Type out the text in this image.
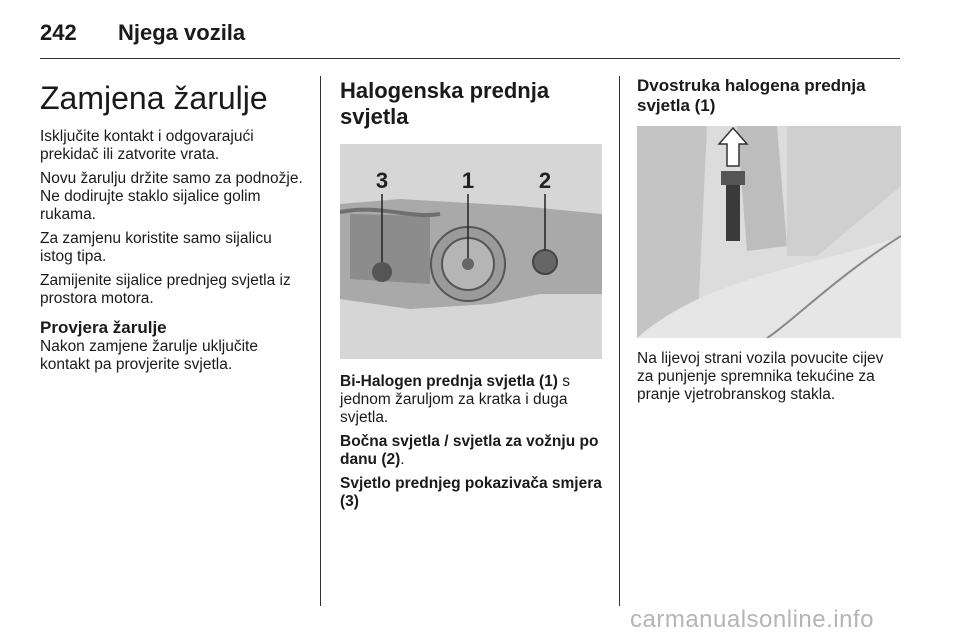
242 Njega vozila
Zamjena žarulje

Isključite kontakt i odgovarajući prekidač ili zatvorite vrata.

Novu žarulju držite samo za podnožje. Ne dodirujte staklo sijalice golim rukama.

Za zamjenu koristite samo sijalicu istog tipa.

Zamijenite sijalice prednjeg svjetla iz prostora motora.

Provjera žarulje

Nakon zamjene žarulje uključite kontakt pa provjerite svjetla.

Halogenska prednja svjetla
3	1	2

Bi-Halogen prednja svjetla (1) s jednom žaruljom za kratka i duga svjetla.

Bočna svjetla / svjetla za vožnju po danu (2).

Svjetlo prednjeg pokazivača smjera (3)

Dvostruka halogena prednja svjetla (1)

Na lijevoj strani vozila povucite cijev za punjenje spremnika tekućine za pranje vjetrobranskog stakla.

carmanualsonline.info
